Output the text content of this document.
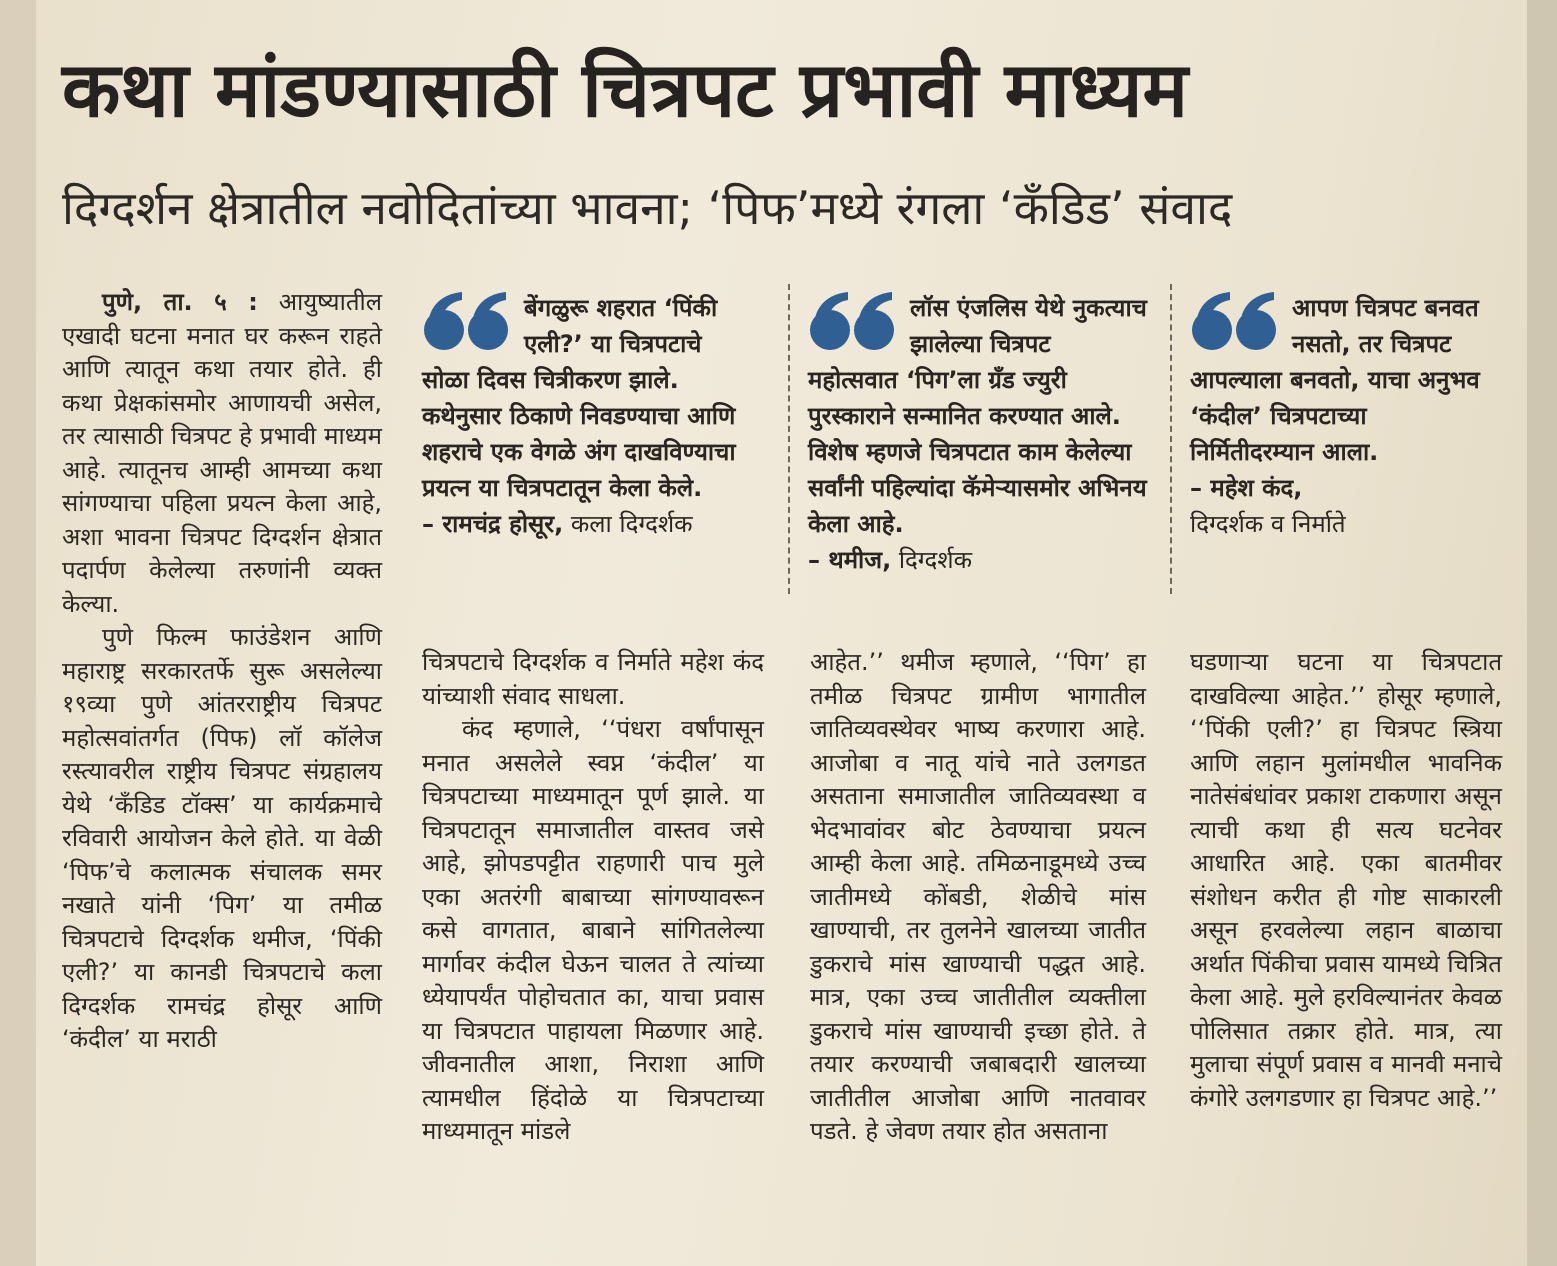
कथा मांडण्यासाठी चित्रपट प्रभावी माध्यम
दिग्दर्शन क्षेत्रातील नवोदितांच्या भावना; ‘पिफ’मध्ये रंगला ‘कँडिड’ संवाद

पुणे, ता. ५ : आयुष्यातील एखादी घटना मनात घर करून राहते आणि त्यातून कथा तयार होते. ही कथा प्रेक्षकांसमोर आणायची असेल, तर त्यासाठी चित्रपट हे प्रभावी माध्यम आहे. त्यातूनच आम्ही आमच्या कथा सांगण्याचा पहिला प्रयत्न केला आहे, अशा भावना चित्रपट दिग्दर्शन क्षेत्रात पदार्पण केलेल्या तरुणांनी व्यक्त केल्या.

पुणे फिल्म फाउंडेशन आणि महाराष्ट्र सरकारतर्फे सुरू असलेल्या १९व्या पुणे आंतरराष्ट्रीय चित्रपट महोत्सवांतर्गत (पिफ) लॉ कॉलेज रस्त्यावरील राष्ट्रीय चित्रपट संग्रहालय येथे ‘कँडिड टॉक्स’ या कार्यक्रमाचे रविवारी आयोजन केले होते. या वेळी ‘पिफ’चे कलात्मक संचालक समर नखाते यांनी ‘पिग’ या तमीळ चित्रपटाचे दिग्दर्शक थमीज, ‘पिंकी एली?’ या कानडी चित्रपटाचे कला दिग्दर्शक रामचंद्र होसूर आणि ‘कंदील’ या मराठी

बेंगळुरू शहरात ‘पिंकी एली?’ या चित्रपटाचे सोळा दिवस चित्रीकरण झाले. कथेनुसार ठिकाणे निवडण्याचा आणि शहराचे एक वेगळे अंग दाखविण्याचा प्रयत्न या चित्रपटातून केला केले.
– रामचंद्र होसूर, कला दिग्दर्शक
लॉस एंजलिस येथे नुकत्याच झालेल्या चित्रपट महोत्सवात ‘पिग’ला ग्रँड ज्युरी पुरस्काराने सन्मानित करण्यात आले. विशेष म्हणजे चित्रपटात काम केलेल्या सर्वांनी पहिल्यांदा कॅमेऱ्यासमोर अभिनय केला आहे.
– थमीज, दिग्दर्शक
आपण चित्रपट बनवत नसतो, तर चित्रपट आपल्याला बनवतो, याचा अनुभव ‘कंदील’ चित्रपटाच्या निर्मितीदरम्यान आला.
– महेश कंद,
दिग्दर्शक व निर्माते

चित्रपटाचे दिग्दर्शक व निर्माते महेश कंद यांच्याशी संवाद साधला.

कंद म्हणाले, ‘‘पंधरा वर्षांपासून मनात असलेले स्वप्न ‘कंदील’ या चित्रपटाच्या माध्यमातून पूर्ण झाले. या चित्रपटातून समाजातील वास्तव जसे आहे, झोपडपट्टीत राहणारी पाच मुले एका अतरंगी बाबाच्या सांगण्यावरून कसे वागतात, बाबाने सांगितलेल्या मार्गावर कंदील घेऊन चालत ते त्यांच्या ध्येयापर्यंत पोहोचतात का, याचा प्रवास या चित्रपटात पाहायला मिळणार आहे. जीवनातील आशा, निराशा आणि त्यामधील हिंदोळे या चित्रपटाच्या माध्यमातून मांडले

आहेत.’’ थमीज म्हणाले, ‘‘पिग’ हा तमीळ चित्रपट ग्रामीण भागातील जातिव्यवस्थेवर भाष्य करणारा आहे. आजोबा व नातू यांचे नाते उलगडत असताना समाजातील जातिव्यवस्था व भेदभावांवर बोट ठेवण्याचा प्रयत्न आम्ही केला आहे. तमिळनाडूमध्ये उच्च जातीमध्ये कोंबडी, शेळीचे मांस खाण्याची, तर तुलनेने खालच्या जातीत डुकराचे मांस खाण्याची पद्धत आहे. मात्र, एका उच्च जातीतील व्यक्तीला डुकराचे मांस खाण्याची इच्छा होते. ते तयार करण्याची जबाबदारी खालच्या जातीतील आजोबा आणि नातवावर पडते. हे जेवण तयार होत असताना

घडणाऱ्या घटना या चित्रपटात दाखविल्या आहेत.’’ होसूर म्हणाले, ‘‘पिंकी एली?’ हा चित्रपट स्त्रिया आणि लहान मुलांमधील भावनिक नातेसंबंधांवर प्रकाश टाकणारा असून त्याची कथा ही सत्य घटनेवर आधारित आहे. एका बातमीवर संशोधन करीत ही गोष्ट साकारली असून हरवलेल्या लहान बाळाचा अर्थात पिंकीचा प्रवास यामध्ये चित्रित केला आहे. मुले हरविल्यानंतर केवळ पोलिसात तक्रार होते. मात्र, त्या मुलाचा संपूर्ण प्रवास व मानवी मनाचे कंगोरे उलगडणार हा चित्रपट आहे.’’
